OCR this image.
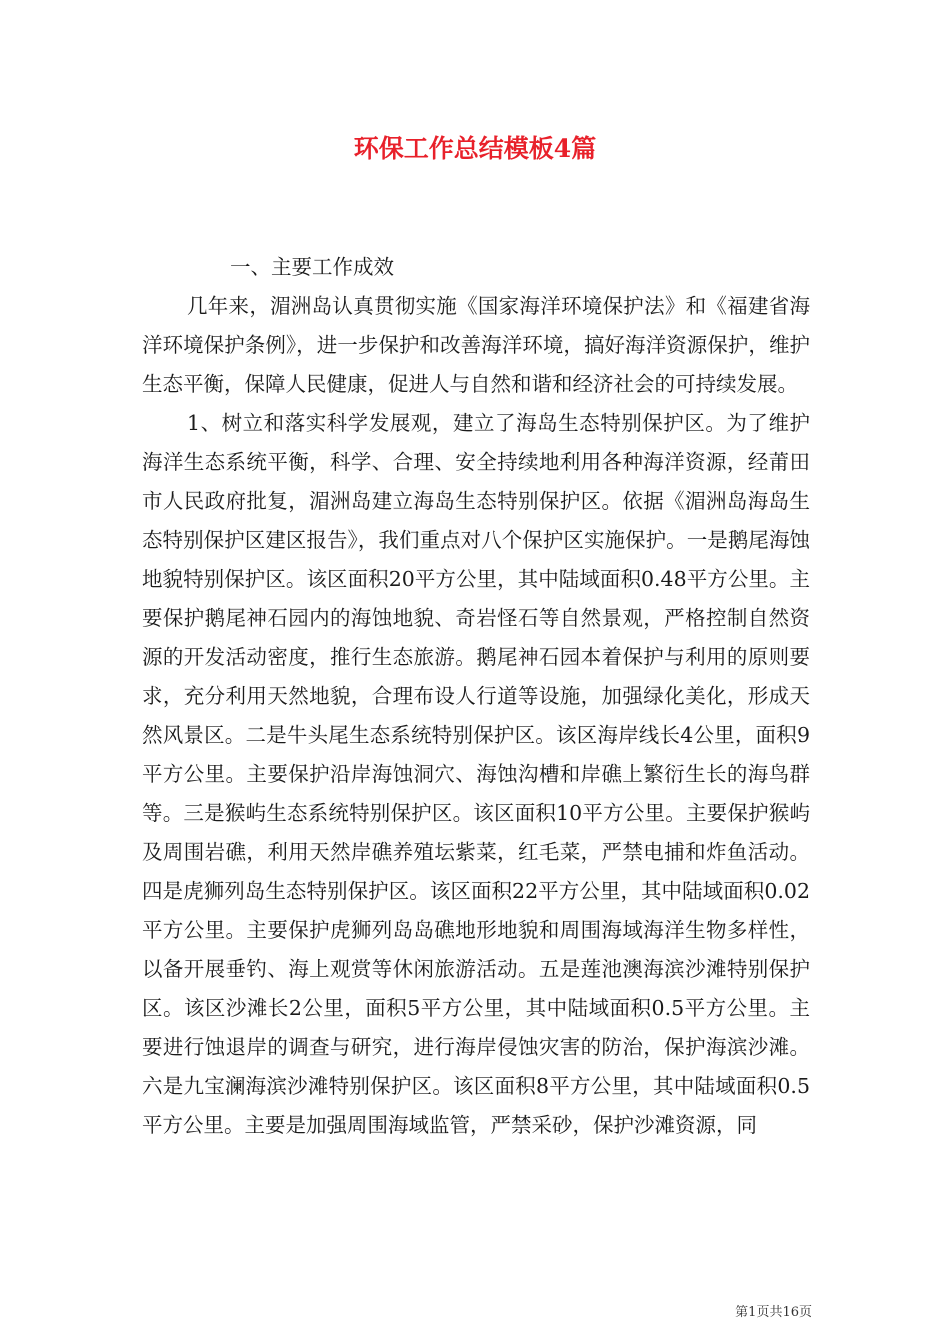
环保工作总结模板4篇

一、主要工作成效

几年来，湄洲岛认真贯彻实施《国家海洋环境保护法》和《福建省海洋环境保护条例》，进一步保护和改善海洋环境，搞好海洋资源保护，维护生态平衡，保障人民健康，促进人与自然和谐和经济社会的可持续发展。

1、树立和落实科学发展观，建立了海岛生态特别保护区。为了维护海洋生态系统平衡，科学、合理、安全持续地利用各种海洋资源，经莆田市人民政府批复，湄洲岛建立海岛生态特别保护区。依据《湄洲岛海岛生态特别保护区建区报告》，我们重点对八个保护区实施保护。一是鹅尾海蚀地貌特别保护区。该区面积20平方公里，其中陆域面积0.48平方公里。主要保护鹅尾神石园内的海蚀地貌、奇岩怪石等自然景观，严格控制自然资源的开发活动密度，推行生态旅游。鹅尾神石园本着保护与利用的原则要求，充分利用天然地貌，合理布设人行道等设施，加强绿化美化，形成天然风景区。二是牛头尾生态系统特别保护区。该区海岸线长4公里，面积9平方公里。主要保护沿岸海蚀洞穴、海蚀沟槽和岸礁上繁衍生长的海鸟群等。三是猴屿生态系统特别保护区。该区面积10平方公里。主要保护猴屿及周围岩礁，利用天然岸礁养殖坛紫菜，红毛菜，严禁电捕和炸鱼活动。四是虎狮列岛生态特别保护区。该区面积22平方公里，其中陆域面积0.02平方公里。主要保护虎狮列岛岛礁地形地貌和周围海域海洋生物多样性，以备开展垂钓、海上观赏等休闲旅游活动。五是莲池澳海滨沙滩特别保护区。该区沙滩长2公里，面积5平方公里，其中陆域面积0.5平方公里。主要进行蚀退岸的调查与研究，进行海岸侵蚀灾害的防治，保护海滨沙滩。六是九宝澜海滨沙滩特别保护区。该区面积8平方公里，其中陆域面积0.5平方公里。主要是加强周围海域监管，严禁采砂，保护沙滩资源，同

第1页共16页
